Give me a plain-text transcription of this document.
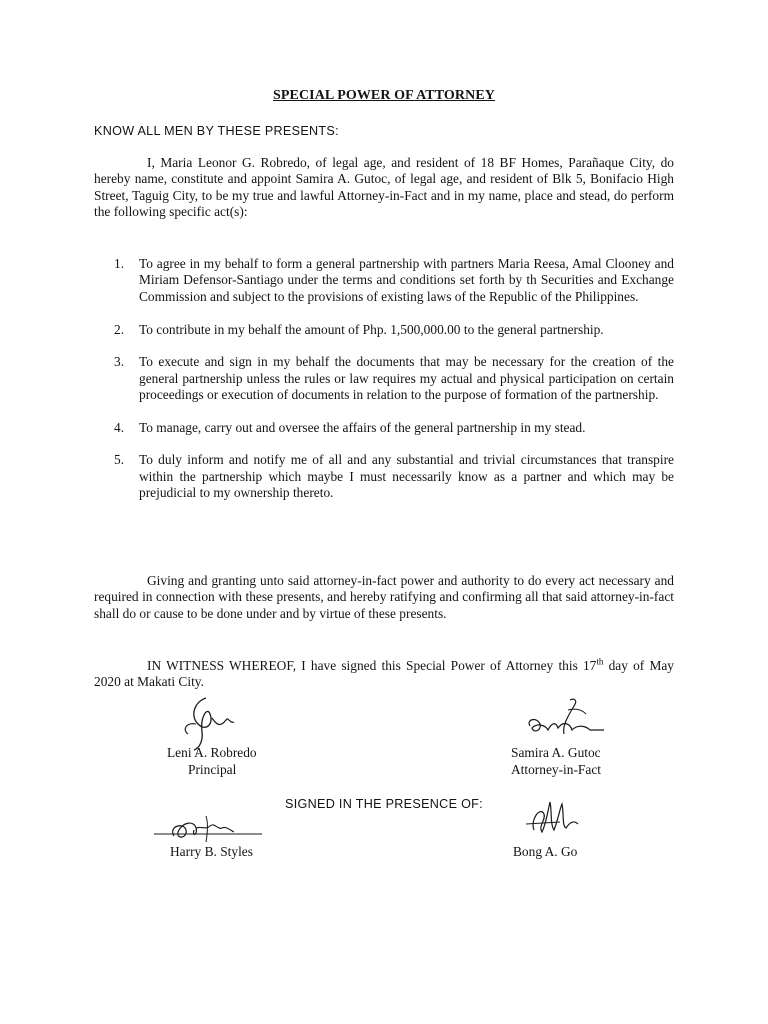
SPECIAL POWER OF ATTORNEY
KNOW ALL MEN BY THESE PRESENTS:
I, Maria Leonor G. Robredo, of legal age, and resident of 18 BF Homes, Parañaque City, do hereby name, constitute and appoint Samira A. Gutoc, of legal age, and resident of Blk 5, Bonifacio High Street, Taguig City, to be my true and lawful Attorney-in-Fact and in my name, place and stead, do perform the following specific act(s):
1. To agree in my behalf to form a general partnership with partners Maria Reesa, Amal Clooney and Miriam Defensor-Santiago under the terms and conditions set forth by th Securities and Exchange Commission and subject to the provisions of existing laws of the Republic of the Philippines.
2. To contribute in my behalf the amount of Php. 1,500,000.00 to the general partnership.
3. To execute and sign in my behalf the documents that may be necessary for the creation of the general partnership unless the rules or law requires my actual and physical participation on certain proceedings or execution of documents in relation to the purpose of formation of the partnership.
4. To manage, carry out and oversee the affairs of the general partnership in my stead.
5. To duly inform and notify me of all and any substantial and trivial circumstances that transpire within the partnership which maybe I must necessarily know as a partner and which may be prejudicial to my ownership thereto.
Giving and granting unto said attorney-in-fact power and authority to do every act necessary and required in connection with these presents, and hereby ratifying and confirming all that said attorney-in-fact shall do or cause to be done under and by virtue of these presents.
IN WITNESS WHEREOF, I have signed this Special Power of Attorney this 17th day of May 2020 at Makati City.
Leni A. Robredo
Principal
Samira A. Gutoc
Attorney-in-Fact
SIGNED IN THE PRESENCE OF:
Harry B. Styles	Bong A. Go
